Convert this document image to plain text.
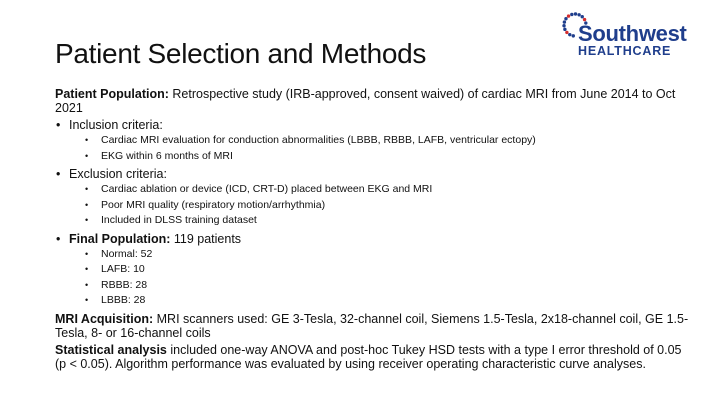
Patient Selection and Methods
Southwest
HEALTHCARE

Patient Population: Retrospective study (IRB-approved, consent waived) of cardiac MRI from June 2014 to Oct 2021

• Inclusion criteria:
• Cardiac MRI evaluation for conduction abnormalities (LBBB, RBBB, LAFB, ventricular ectopy)
• EKG within 6 months of MRI
• Exclusion criteria:
• Cardiac ablation or device (ICD, CRT-D) placed between EKG and MRI
• Poor MRI quality (respiratory motion/arrhythmia)
• Included in DLSS training dataset
• Final Population: 119 patients
• Normal: 52
• LAFB: 10
• RBBB: 28
• LBBB: 28

MRI Acquisition: MRI scanners used: GE 3-Tesla, 32-channel coil, Siemens 1.5-Tesla, 2x18-channel coil, GE 1.5-Tesla, 8- or 16-channel coils

Statistical analysis included one-way ANOVA and post-hoc Tukey HSD tests with a type I error threshold of 0.05 (p < 0.05). Algorithm performance was evaluated by using receiver operating characteristic curve analyses.
